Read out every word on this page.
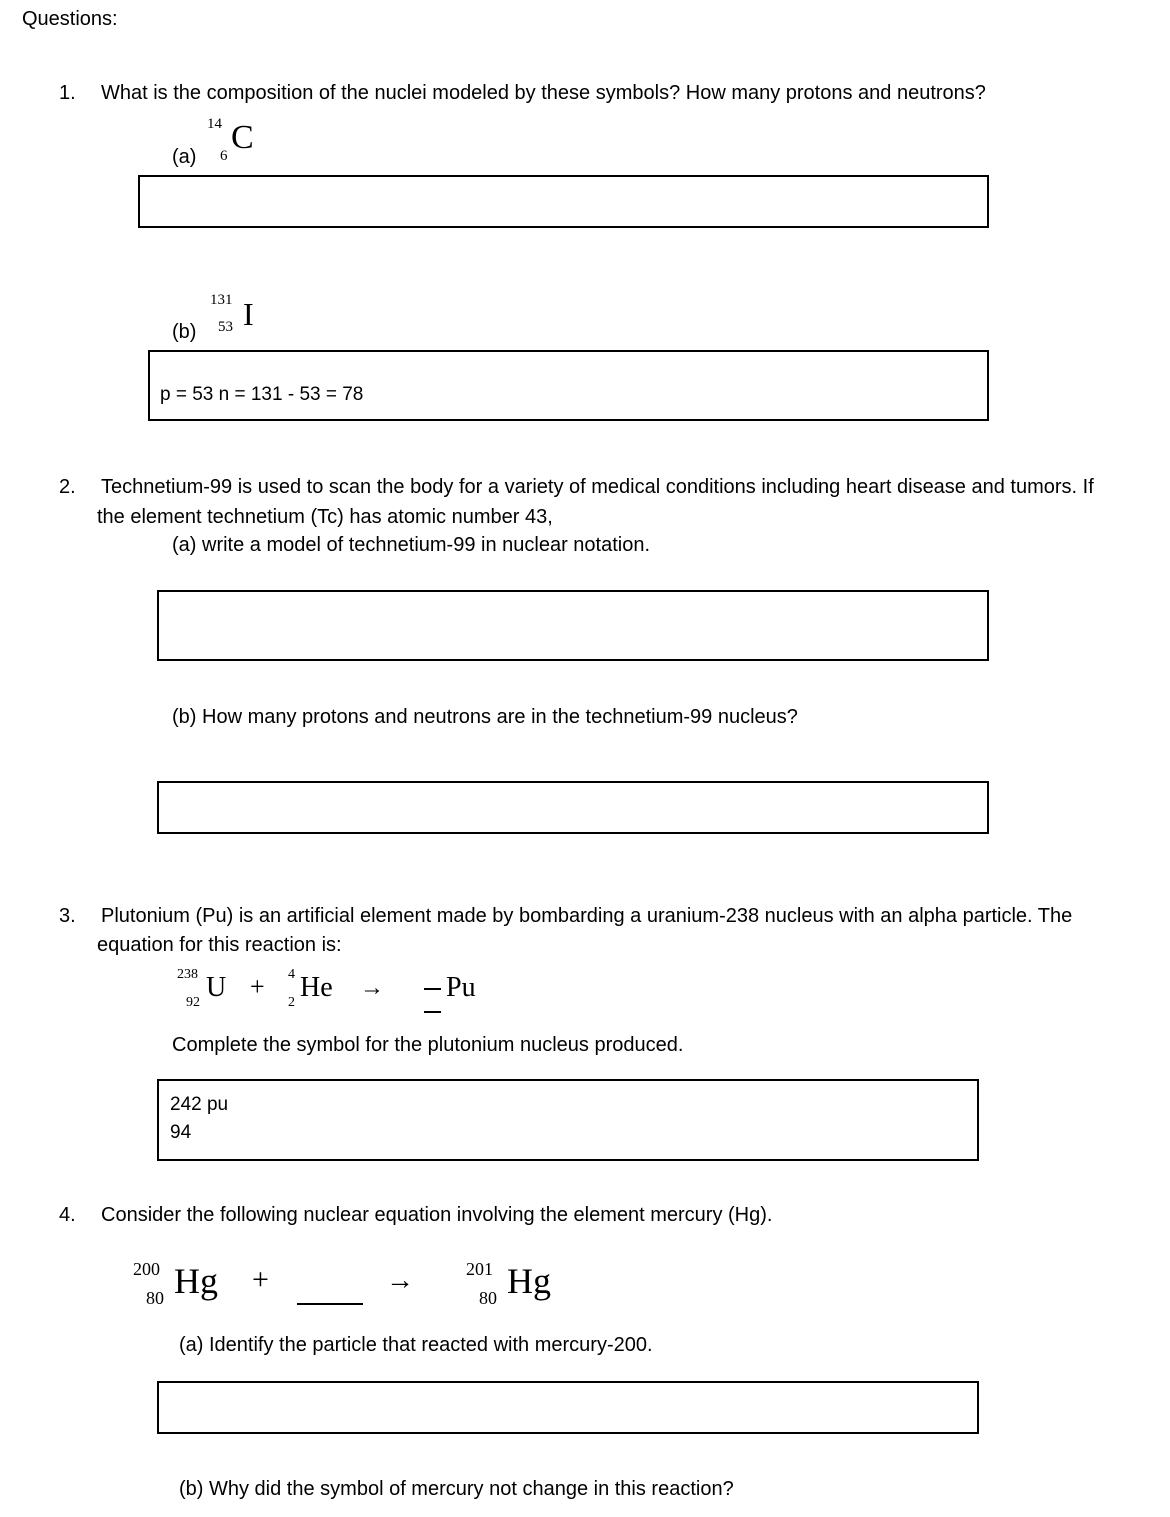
Questions:
1. What is the composition of the nuclei modeled by these symbols? How many protons and neutrons?
(a)
14
6 C
(b)
131
53 I
p = 53 n = 131 - 53 = 78
2. Technetium-99 is used to scan the body for a variety of medical conditions including heart disease and tumors. If
the element technetium (Tc) has atomic number 43,
(a) write a model of technetium-99 in nuclear notation.
(b) How many protons and neutrons are in the technetium-99 nucleus?
3. Plutonium (Pu) is an artificial element made by bombarding a uranium-238 nucleus with an alpha particle. The
equation for this reaction is:
238
92 U + 4
2 He → Pu
Complete the symbol for the plutonium nucleus produced.
242 pu
94
4. Consider the following nuclear equation involving the element mercury (Hg).
200
80 Hg +	→	201
80 Hg
(a) Identify the particle that reacted with mercury-200.
(b) Why did the symbol of mercury not change in this reaction?
